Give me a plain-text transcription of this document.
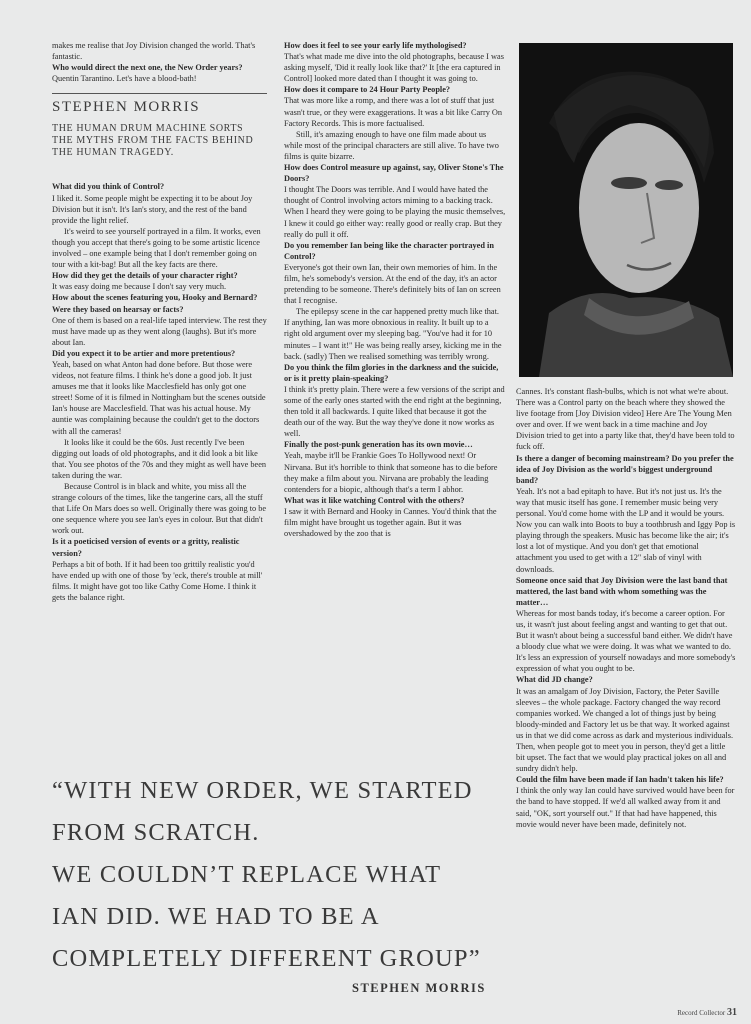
makes me realise that Joy Division changed the world. That's fantastic.

Who would direct the next one, the New Order years?

Quentin Tarantino. Let's have a blood-bath!

STEPHEN MORRIS
THE HUMAN DRUM MACHINE SORTS THE MYTHS FROM THE FACTS BEHIND THE HUMAN TRAGEDY.

What did you think of Control?

I liked it. Some people might be expecting it to be about Joy Division but it isn't. It's Ian's story, and the rest of the band provide the light relief.

It's weird to see yourself portrayed in a film. It works, even though you accept that there's going to be some artistic licence involved – one example being that I don't remember going on tour with a kit-bag! But all the key facts are there.

How did they get the details of your character right?

It was easy doing me because I don't say very much.

How about the scenes featuring you, Hooky and Bernard? Were they based on hearsay or facts?

One of them is based on a real-life taped interview. The rest they must have made up as they went along (laughs). But it's more about Ian.

Did you expect it to be artier and more pretentious?

Yeah, based on what Anton had done before. But those were videos, not feature films. I think he's done a good job. It just amuses me that it looks like Macclesfield has only got one street! Some of it is filmed in Nottingham but the scenes outside Ian's house are Macclesfield. That was his actual house. My auntie was complaining because the couldn't get to the doctors with all the cameras!

It looks like it could be the 60s. Just recently I've been digging out loads of old photographs, and it did look a bit like that. You see photos of the 70s and they might as well have been taken during the war.

Because Control is in black and white, you miss all the strange colours of the times, like the tangerine cars, all the stuff that Life On Mars does so well. Originally there was going to be one sequence where you see Ian's eyes in colour. But that didn't work out.

Is it a poeticised version of events or a gritty, realistic version?

Perhaps a bit of both. If it had been too grittily realistic you'd have ended up with one of those 'by 'eck, there's trouble at mill' films. It might have got too like Cathy Come Home. I think it gets the balance right.

How does it feel to see your early life mythologised?

That's what made me dive into the old photographs, because I was asking myself, 'Did it really look like that?' It [the era captured in Control] looked more dated than I thought it was going to.

How does it compare to 24 Hour Party People?

That was more like a romp, and there was a lot of stuff that just wasn't true, or they were exaggerations. It was a bit like Carry On Factory Records. This is more factualised.

Still, it's amazing enough to have one film made about us while most of the principal characters are still alive. To have two films is quite bizarre.

How does Control measure up against, say, Oliver Stone's The Doors?

I thought The Doors was terrible. And I would have hated the thought of Control involving actors miming to a backing track. When I heard they were going to be playing the music themselves, I knew it could go either way: really good or really crap. But they really do pull it off.

Do you remember Ian being like the character portrayed in Control?

Everyone's got their own Ian, their own memories of him. In the film, he's somebody's version. At the end of the day, it's an actor pretending to be someone. There's definitely bits of Ian on screen that I recognise.

The epilepsy scene in the car happened pretty much like that. If anything, Ian was more obnoxious in reality. It built up to a right old argument over my sleeping bag. "You've had it for 10 minutes – I want it!" He was being really arsey, kicking me in the back. (sadly) Then we realised something was terribly wrong.

Do you think the film glories in the darkness and the suicide, or is it pretty plain-speaking?

I think it's pretty plain. There were a few versions of the script and some of the early ones started with the end right at the beginning, then told it all backwards. I quite liked that because it got the death our of the way. But the way they've done it now works as well.

Finally the post-punk generation has its own movie…

Yeah, maybe it'll be Frankie Goes To Hollywood next! Or Nirvana. But it's horrible to think that someone has to die before they make a film about you. Nirvana are probably the leading contenders for a biopic, although that's a term I abhor.

What was it like watching Control with the others?

I saw it with Bernard and Hooky in Cannes. You'd think that the film might have brought us together again. But it was overshadowed by the zoo that is

Cannes. It's constant flash-bulbs, which is not what we're about. There was a Control party on the beach where they showed the live footage from [Joy Division video] Here Are The Young Men over and over. If we went back in a time machine and Joy Division tried to get into a party like that, they'd have been told to fuck off.

Is there a danger of becoming mainstream? Do you prefer the idea of Joy Division as the world's biggest underground band?

Yeah. It's not a bad epitaph to have. But it's not just us. It's the way that music itself has gone. I remember music being very personal. You'd come home with the LP and it would be yours. Now you can walk into Boots to buy a toothbrush and Iggy Pop is playing through the speakers. Music has become like the air; it's lost a lot of mystique. And you don't get that emotional attachment you used to get with a 12" slab of vinyl with downloads.

Someone once said that Joy Division were the last band that mattered, the last band with whom something was the matter…

Whereas for most bands today, it's become a career option. For us, it wasn't just about feeling angst and wanting to get that out. But it wasn't about being a successful band either. We didn't have a bloody clue what we were doing. It was what we wanted to do. It's less an expression of yourself nowadays and more somebody's expression of what you ought to be.

What did JD change?

It was an amalgam of Joy Division, Factory, the Peter Saville sleeves – the whole package. Factory changed the way record companies worked. We changed a lot of things just by being bloody-minded and Factory let us be that way. It worked against us in that we did come across as dark and mysterious individuals. Then, when people got to meet you in person, they'd get a little bit upset. The fact that we would play practical jokes on all and sundry didn't help.

Could the film have been made if Ian hadn't taken his life?

I think the only way Ian could have survived would have been for the band to have stopped. If we'd all walked away from it and said, "OK, sort yourself out." If that had have happened, this movie would never have been made, definitely not.

“WITH NEW ORDER, WE STARTED
FROM SCRATCH.
WE COULDN’T REPLACE WHAT
IAN DID. WE HAD TO BE A
COMPLETELY DIFFERENT GROUP”
STEPHEN MORRIS
Record Collector 31
